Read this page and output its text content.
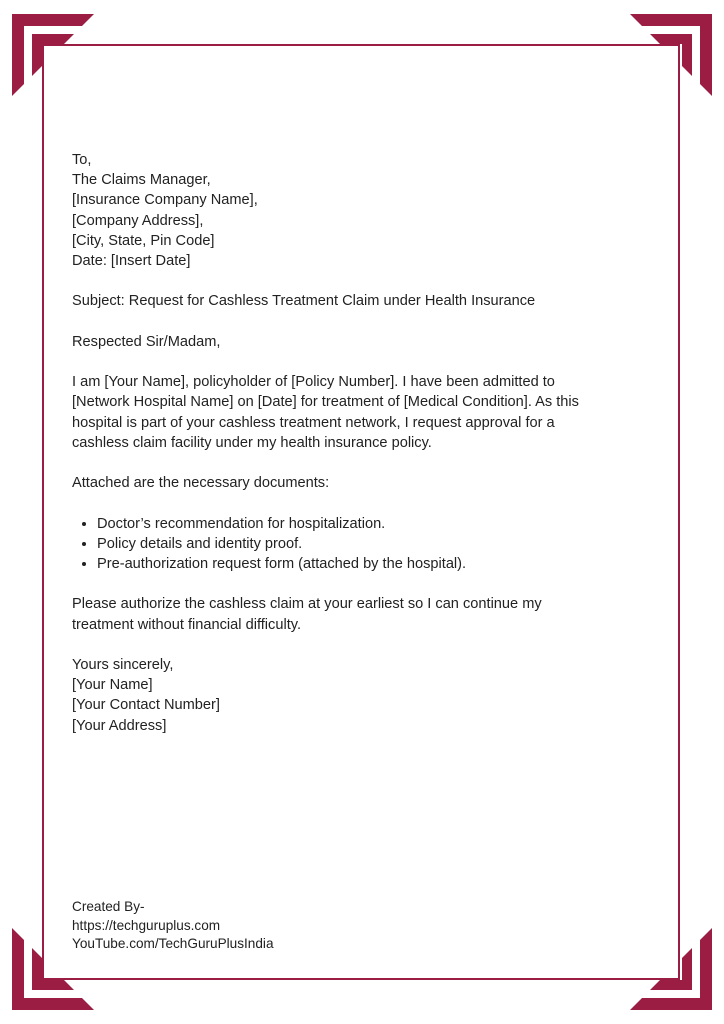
To,
The Claims Manager,
[Insurance Company Name],
[Company Address],
[City, State, Pin Code]
Date: [Insert Date]

Subject: Request for Cashless Treatment Claim under Health Insurance

Respected Sir/Madam,

I am [Your Name], policyholder of [Policy Number]. I have been admitted to
[Network Hospital Name] on [Date] for treatment of [Medical Condition]. As this
hospital is part of your cashless treatment network, I request approval for a
cashless claim facility under my health insurance policy.

Attached are the necessary documents:

• Doctor’s recommendation for hospitalization.
• Policy details and identity proof.
• Pre-authorization request form (attached by the hospital).

Please authorize the cashless claim at your earliest so I can continue my
treatment without financial difficulty.

Yours sincerely,
[Your Name]
[Your Contact Number]
[Your Address]

Created By-
https://techguruplus.com
YouTube.com/TechGuruPlusIndia
